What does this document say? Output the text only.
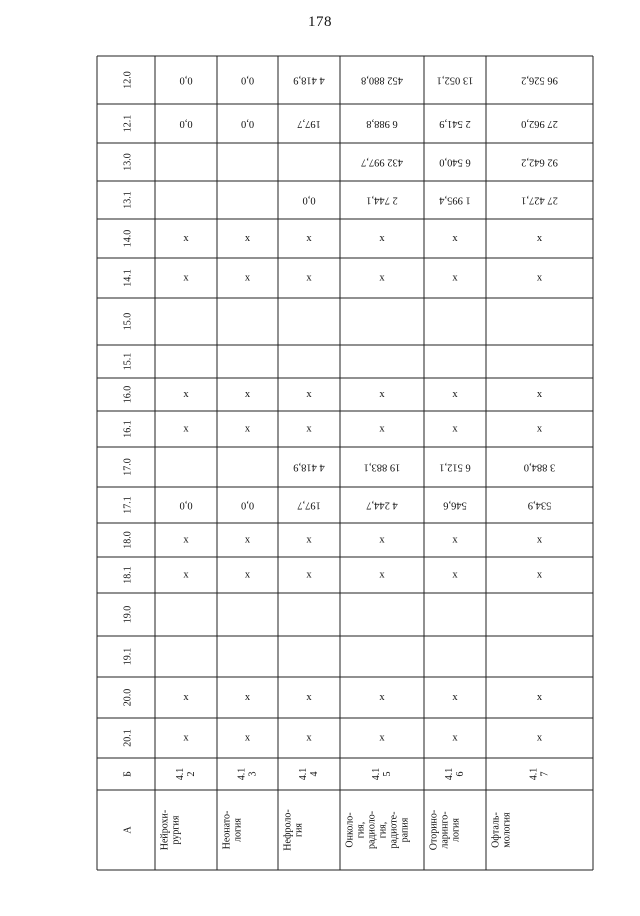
178
12.0
12.1
13.0
13.1
14.0
14.1
15.0
15.1
16.0
16.1
17.0
17.1
18.0
18.1
19.0
19.1
20.0
20.1
Б
А
0,0
0,0
x
x
x
x
0,0
x
x
x
x
4.1 2
Нейрохи- рургия
0,0
0,0
x
x
x
x
0,0
x
x
x
x
4.1 3
Неонато- логия
4 418,9
197,7
0,0
x
x
x
x
4 418,9
197,7
x
x
x
x
4.1 4
Нефроло- гия
452 880,8
6 988,8
432 997,7
2 744,1
x
x
x
x
19 883,1
4 244,7
x
x
x
x
4.1 5
Онколо- гия, радиоло- гия, радиоте- рапия
13 052,1
2 541,9
6 540,0
1 995,4
x
x
x
x
6 512,1
546,6
x
x
x
x
4.1 6
Оторино- ларинго- логия
96 526,2
27 962,0
92 642,2
27 427,1
x
x
x
x
3 884,0
534,9
x
x
x
x
4.1 7
Офталь- мология
